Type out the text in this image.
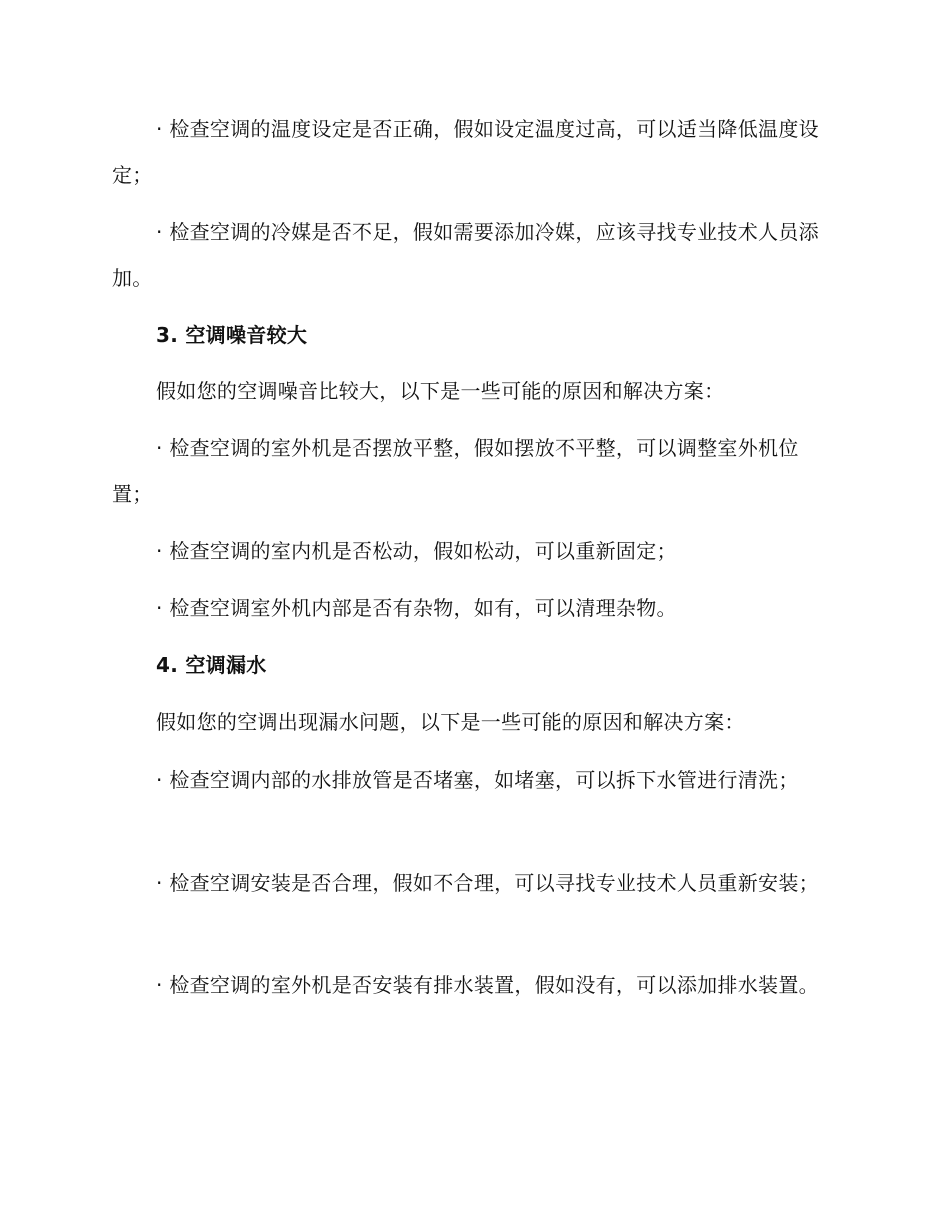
· 检查空调的温度设定是否正确，假如设定温度过高，可以适当降低温度设定；

· 检查空调的冷媒是否不足，假如需要添加冷媒，应该寻找专业技术人员添加。

3. 空调噪音较大

假如您的空调噪音比较大，以下是一些可能的原因和解决方案：

· 检查空调的室外机是否摆放平整，假如摆放不平整，可以调整室外机位置；

· 检查空调的室内机是否松动，假如松动，可以重新固定；

· 检查空调室外机内部是否有杂物，如有，可以清理杂物。

4. 空调漏水

假如您的空调出现漏水问题，以下是一些可能的原因和解决方案：

· 检查空调内部的水排放管是否堵塞，如堵塞，可以拆下水管进行清洗；

· 检查空调安装是否合理，假如不合理，可以寻找专业技术人员重新安装；

· 检查空调的室外机是否安装有排水装置，假如没有，可以添加排水装置。
